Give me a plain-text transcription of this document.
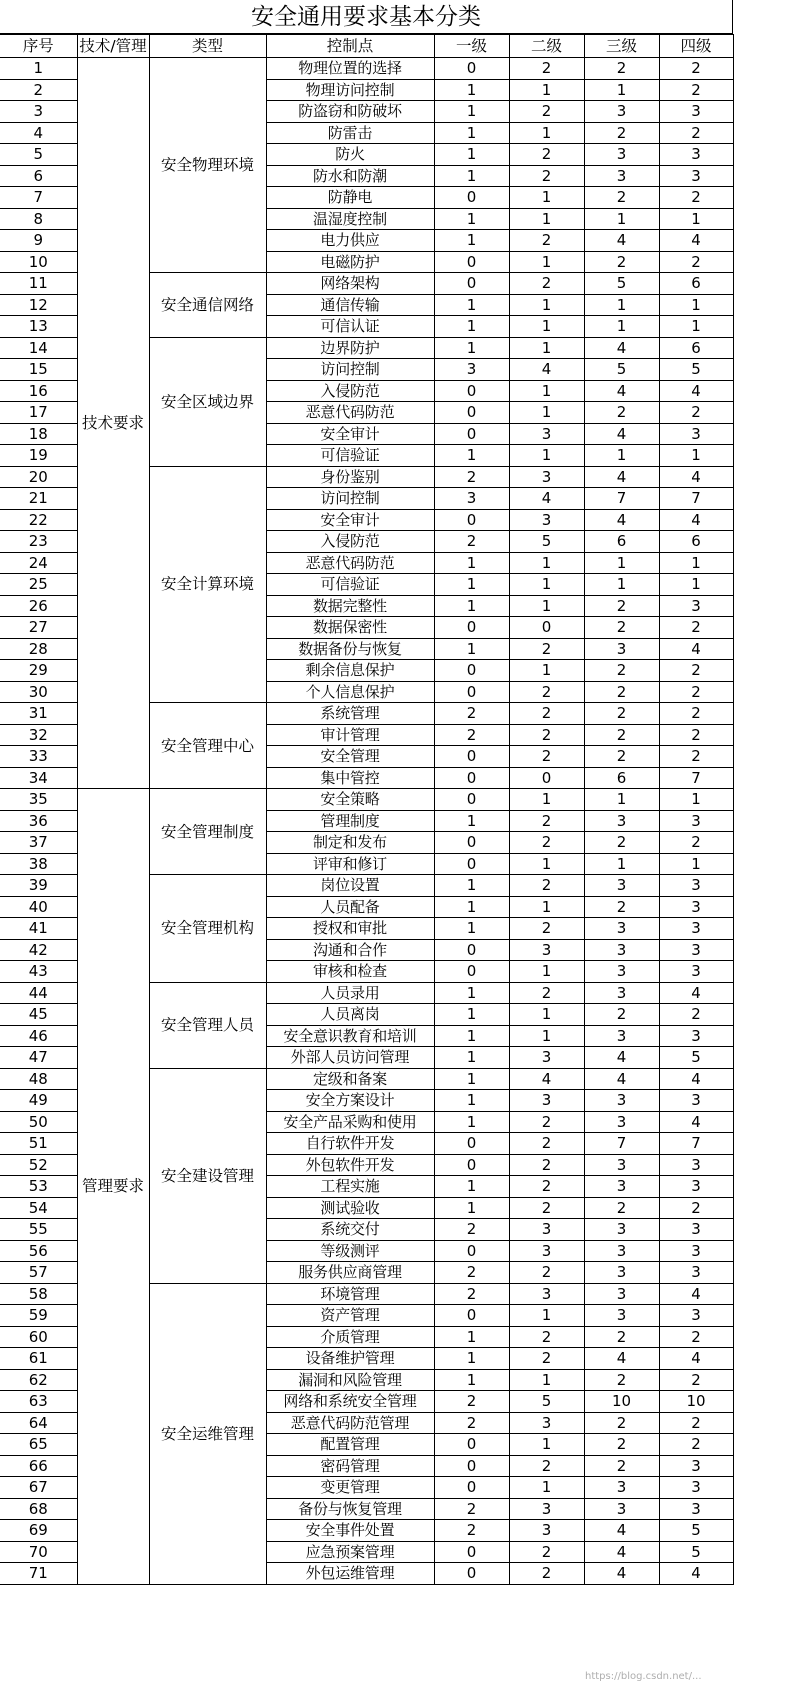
安全通用要求基本分类
序号	技术/管理	类型	控制点	一级	二级	三级	四级
1	技术要求	安全物理环境	物理位置的选择	0	2	2	2
2			物理访问控制	1	1	1	2
3			防盗窃和防破坏	1	2	3	3
4			防雷击	1	1	2	2
5			防火	1	2	3	3
6			防水和防潮	1	2	3	3
7			防静电	0	1	2	2
8			温湿度控制	1	1	1	1
9			电力供应	1	2	4	4
10			电磁防护	0	1	2	2
11		安全通信网络	网络架构	0	2	5	6
12			通信传输	1	1	1	1
13			可信认证	1	1	1	1
14		安全区域边界	边界防护	1	1	4	6
15			访问控制	3	4	5	5
16			入侵防范	0	1	4	4
17			恶意代码防范	0	1	2	2
18			安全审计	0	3	4	3
19			可信验证	1	1	1	1
20		安全计算环境	身份鉴别	2	3	4	4
21			访问控制	3	4	7	7
22			安全审计	0	3	4	4
23			入侵防范	2	5	6	6
24			恶意代码防范	1	1	1	1
25			可信验证	1	1	1	1
26			数据完整性	1	1	2	3
27			数据保密性	0	0	2	2
28			数据备份与恢复	1	2	3	4
29			剩余信息保护	0	1	2	2
30			个人信息保护	0	2	2	2
31		安全管理中心	系统管理	2	2	2	2
32			审计管理	2	2	2	2
33			安全管理	0	2	2	2
34			集中管控	0	0	6	7
35	管理要求	安全管理制度	安全策略	0	1	1	1
36			管理制度	1	2	3	3
37			制定和发布	0	2	2	2
38			评审和修订	0	1	1	1
39		安全管理机构	岗位设置	1	2	3	3
40			人员配备	1	1	2	3
41			授权和审批	1	2	3	3
42			沟通和合作	0	3	3	3
43			审核和检查	0	1	3	3
44		安全管理人员	人员录用	1	2	3	4
45			人员离岗	1	1	2	2
46			安全意识教育和培训	1	1	3	3
47			外部人员访问管理	1	3	4	5
48		安全建设管理	定级和备案	1	4	4	4
49			安全方案设计	1	3	3	3
50			安全产品采购和使用	1	2	3	4
51			自行软件开发	0	2	7	7
52			外包软件开发	0	2	3	3
53			工程实施	1	2	3	3
54			测试验收	1	2	2	2
55			系统交付	2	3	3	3
56			等级测评	0	3	3	3
57			服务供应商管理	2	2	3	3
58		安全运维管理	环境管理	2	3	3	4
59			资产管理	0	1	3	3
60			介质管理	1	2	2	2
61			设备维护管理	1	2	4	4
62			漏洞和风险管理	1	1	2	2
63			网络和系统安全管理	2	5	10	10
64			恶意代码防范管理	2	3	2	2
65			配置管理	0	1	2	2
66			密码管理	0	2	2	3
67			变更管理	0	1	3	3
68			备份与恢复管理	2	3	3	3
69			安全事件处置	2	3	4	5
70			应急预案管理	0	2	4	5
71			外包运维管理	0	2	4	4
https://blog.csdn.net/...
